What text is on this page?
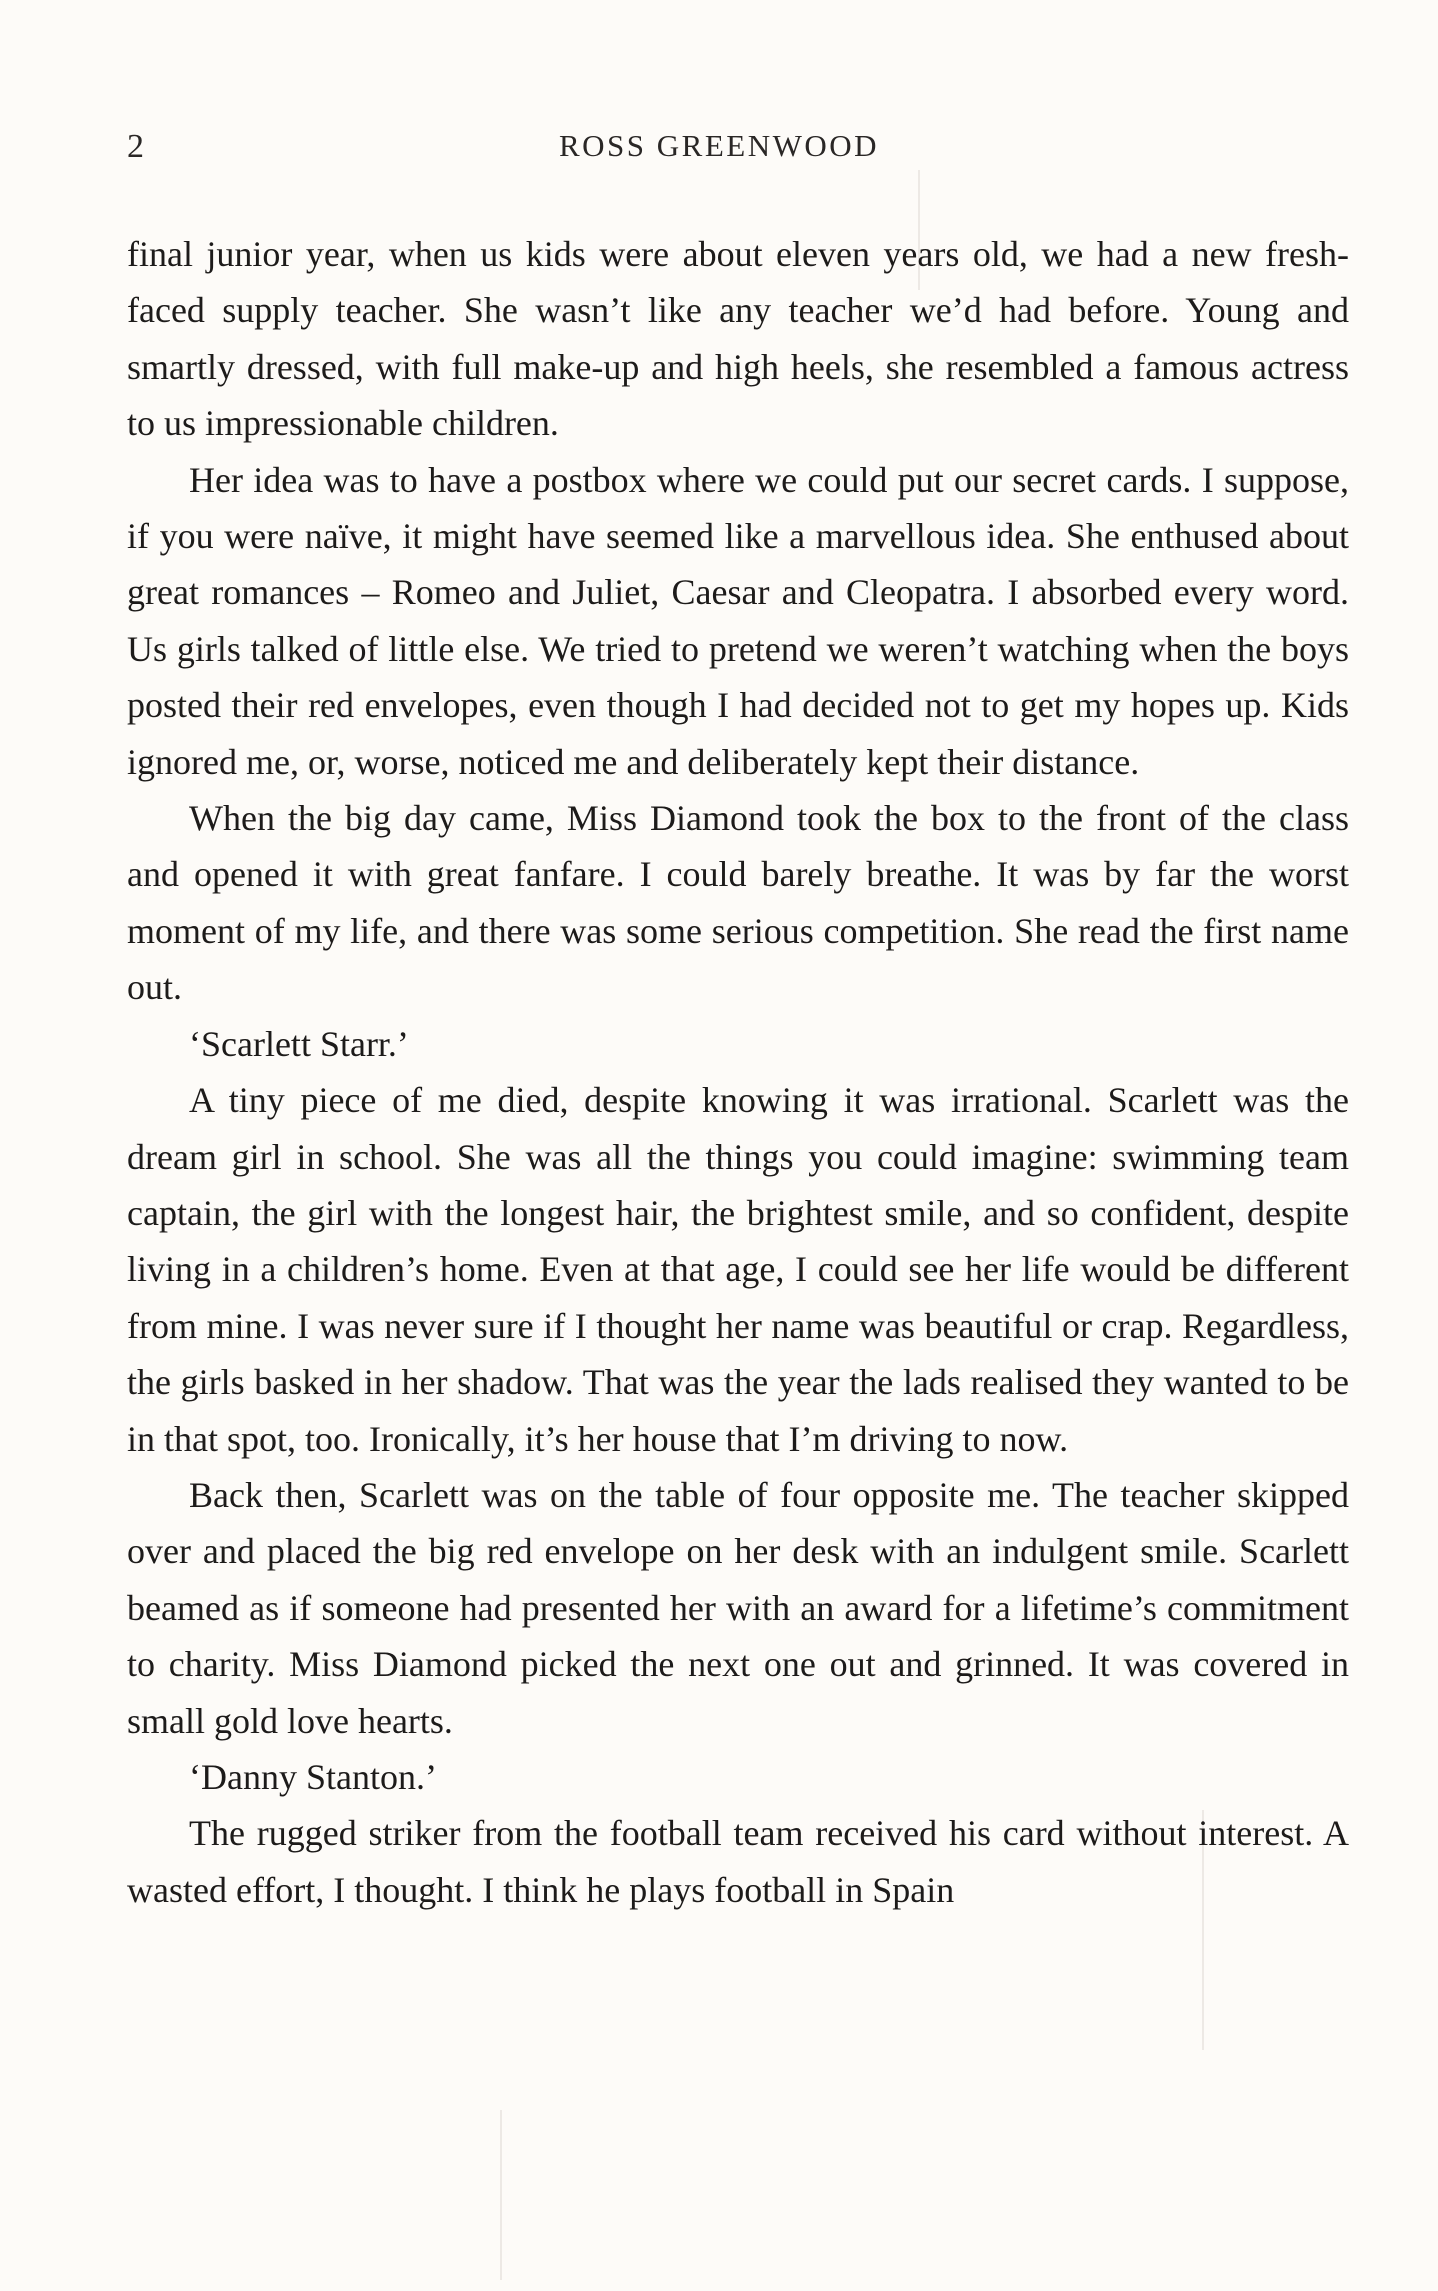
2	ROSS GREENWOOD

final junior year, when us kids were about eleven years old, we had a new fresh-faced supply teacher. She wasn’t like any teacher we’d had before. Young and smartly dressed, with full make-up and high heels, she resembled a famous actress to us impressionable children.

Her idea was to have a postbox where we could put our secret cards. I suppose, if you were naïve, it might have seemed like a marvellous idea. She enthused about great romances – Romeo and Juliet, Caesar and Cleopatra. I absorbed every word. Us girls talked of little else. We tried to pretend we weren’t watching when the boys posted their red envelopes, even though I had decided not to get my hopes up. Kids ignored me, or, worse, noticed me and deliberately kept their distance.

When the big day came, Miss Diamond took the box to the front of the class and opened it with great fanfare. I could barely breathe. It was by far the worst moment of my life, and there was some serious competition. She read the first name out.

‘Scarlett Starr.’

A tiny piece of me died, despite knowing it was irrational. Scarlett was the dream girl in school. She was all the things you could imagine: swimming team captain, the girl with the longest hair, the brightest smile, and so confident, despite living in a children’s home. Even at that age, I could see her life would be different from mine. I was never sure if I thought her name was beautiful or crap. Regardless, the girls basked in her shadow. That was the year the lads realised they wanted to be in that spot, too. Ironically, it’s her house that I’m driving to now.

Back then, Scarlett was on the table of four opposite me. The teacher skipped over and placed the big red envelope on her desk with an indulgent smile. Scarlett beamed as if someone had presented her with an award for a lifetime’s commitment to charity. Miss Diamond picked the next one out and grinned. It was covered in small gold love hearts.

‘Danny Stanton.’

The rugged striker from the football team received his card without interest. A wasted effort, I thought. I think he plays football in Spain
